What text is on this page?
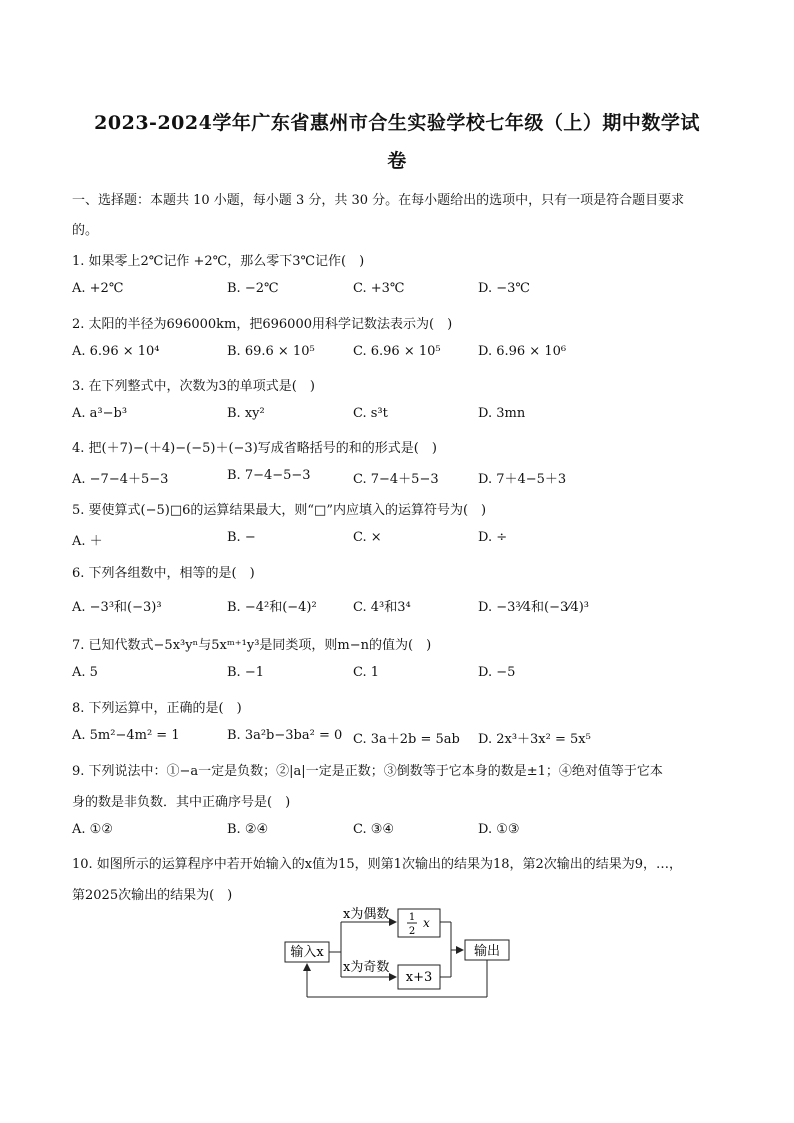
2023-2024学年广东省惠州市合生实验学校七年级（上）期中数学试
卷
一、选择题：本题共 10 小题，每小题 3 分，共 30 分。在每小题给出的选项中，只有一项是符合题目要求
的。
1. 如果零上2℃记作 +2℃，那么零下3℃记作(　)
A. +2℃	B. −2℃	C. +3℃	D. −3℃
2. 太阳的半径为696000km，把696000用科学记数法表示为(　)
A. 6.96 × 10⁴	B. 69.6 × 10⁵	C. 6.96 × 10⁵	D. 6.96 × 10⁶
3. 在下列整式中，次数为3的单项式是(　)
A. a³−b³	B. xy²	C. s³t	D. 3mn
4. 把(＋7)−(＋4)−(−5)＋(−3)写成省略括号的和的形式是(　)
A. −7−4＋5−3	B. 7−4−5−3	C. 7−4＋5−3	D. 7＋4−5＋3
5. 要使算式(−5)□6的运算结果最大，则“□”内应填入的运算符号为(　)
A. ＋	B. −	C. ×	D. ÷
6. 下列各组数中，相等的是(　)
A. −3³和(−3)³	B. −4²和(−4)²	C. 4³和3⁴	D. −3³⁄4和(−3⁄4)³
7. 已知代数式−5x³yⁿ与5xᵐ⁺¹y³是同类项，则m−n的值为(　)
A. 5	B. −1	C. 1	D. −5
8. 下列运算中，正确的是(　)
A. 5m²−4m² = 1	B. 3a²b−3ba² = 0 C. 3a＋2b = 5ab D. 2x³＋3x² = 5x⁵
9. 下列说法中：①−a一定是负数；②|a|一定是正数；③倒数等于它本身的数是±1；④绝对值等于它本
身的数是非负数．其中正确序号是(　)
A. ①②	B. ②④	C. ③④	D. ①③
10. 如图所示的运算程序中若开始输入的x值为15，则第1次输出的结果为18，第2次输出的结果为9，…，
第2025次输出的结果为(　)
输入x
x为偶数
x为奇数
1
2
x
x+3
输出
